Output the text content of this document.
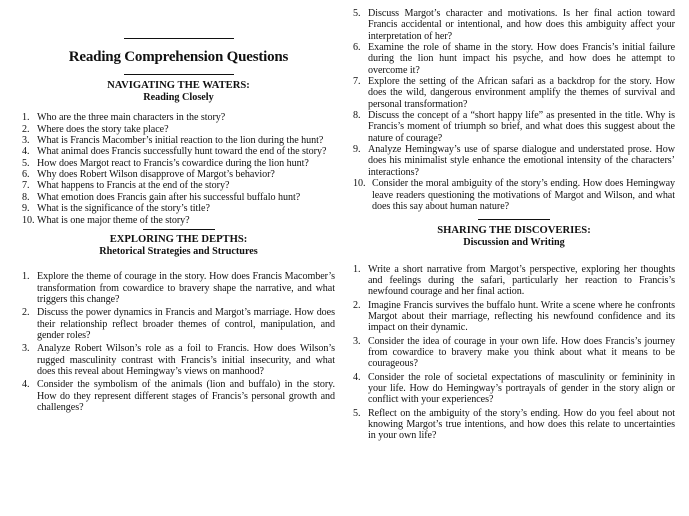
Reading Comprehension Questions
NAVIGATING THE WATERS:
Reading Closely
1. Who are the three main characters in the story?
2. Where does the story take place?
3. What is Francis Macomber’s initial reaction to the lion during the hunt?
4. What animal does Francis successfully hunt toward the end of the story?
5. How does Margot react to Francis’s cowardice during the lion hunt?
6. Why does Robert Wilson disapprove of Margot’s behavior?
7. What happens to Francis at the end of the story?
8. What emotion does Francis gain after his successful buffalo hunt?
9. What is the significance of the story’s title?
10. What is one major theme of the story?
EXPLORING THE DEPTHS:
Rhetorical Strategies and Structures
1. Explore the theme of courage in the story. How does Francis Macomber’s transformation from cowardice to bravery shape the narrative, and what triggers this change?
2. Discuss the power dynamics in Francis and Margot’s marriage. How does their relationship reflect broader themes of control, manipulation, and gender roles?
3. Analyze Robert Wilson’s role as a foil to Francis. How does Wilson’s rugged masculinity contrast with Francis’s initial insecurity, and what does this reveal about Hemingway’s views on manhood?
4. Consider the symbolism of the animals (lion and buffalo) in the story. How do they represent different stages of Francis’s personal growth and challenges?
5. Discuss Margot’s character and motivations. Is her final action toward Francis accidental or intentional, and how does this ambiguity affect your interpretation of her?
6. Examine the role of shame in the story. How does Francis’s initial failure during the lion hunt impact his psyche, and how does he attempt to overcome it?
7. Explore the setting of the African safari as a backdrop for the story. How does the wild, dangerous environment amplify the themes of survival and personal transformation?
8. Discuss the concept of a “short happy life” as presented in the title. Why is Francis’s moment of triumph so brief, and what does this suggest about the nature of courage?
9. Analyze Hemingway’s use of sparse dialogue and understated prose. How does his minimalist style enhance the emotional intensity of the characters’ interactions?
10. Consider the moral ambiguity of the story’s ending. How does Hemingway leave readers questioning the motivations of Margot and Wilson, and what does this say about human nature?
SHARING THE DISCOVERIES:
Discussion and Writing
1. Write a short narrative from Margot’s perspective, exploring her thoughts and feelings during the safari, particularly her reaction to Francis’s newfound courage and her final action.
2. Imagine Francis survives the buffalo hunt. Write a scene where he confronts Margot about their marriage, reflecting his newfound confidence and its impact on their dynamic.
3. Consider the idea of courage in your own life. How does Francis’s journey from cowardice to bravery make you think about what it means to be courageous?
4. Consider the role of societal expectations of masculinity or femininity in your life. How do Hemingway’s portrayals of gender in the story align or conflict with your experiences?
5. Reflect on the ambiguity of the story’s ending. How do you feel about not knowing Margot’s true intentions, and how does this relate to uncertainties in your own life?
